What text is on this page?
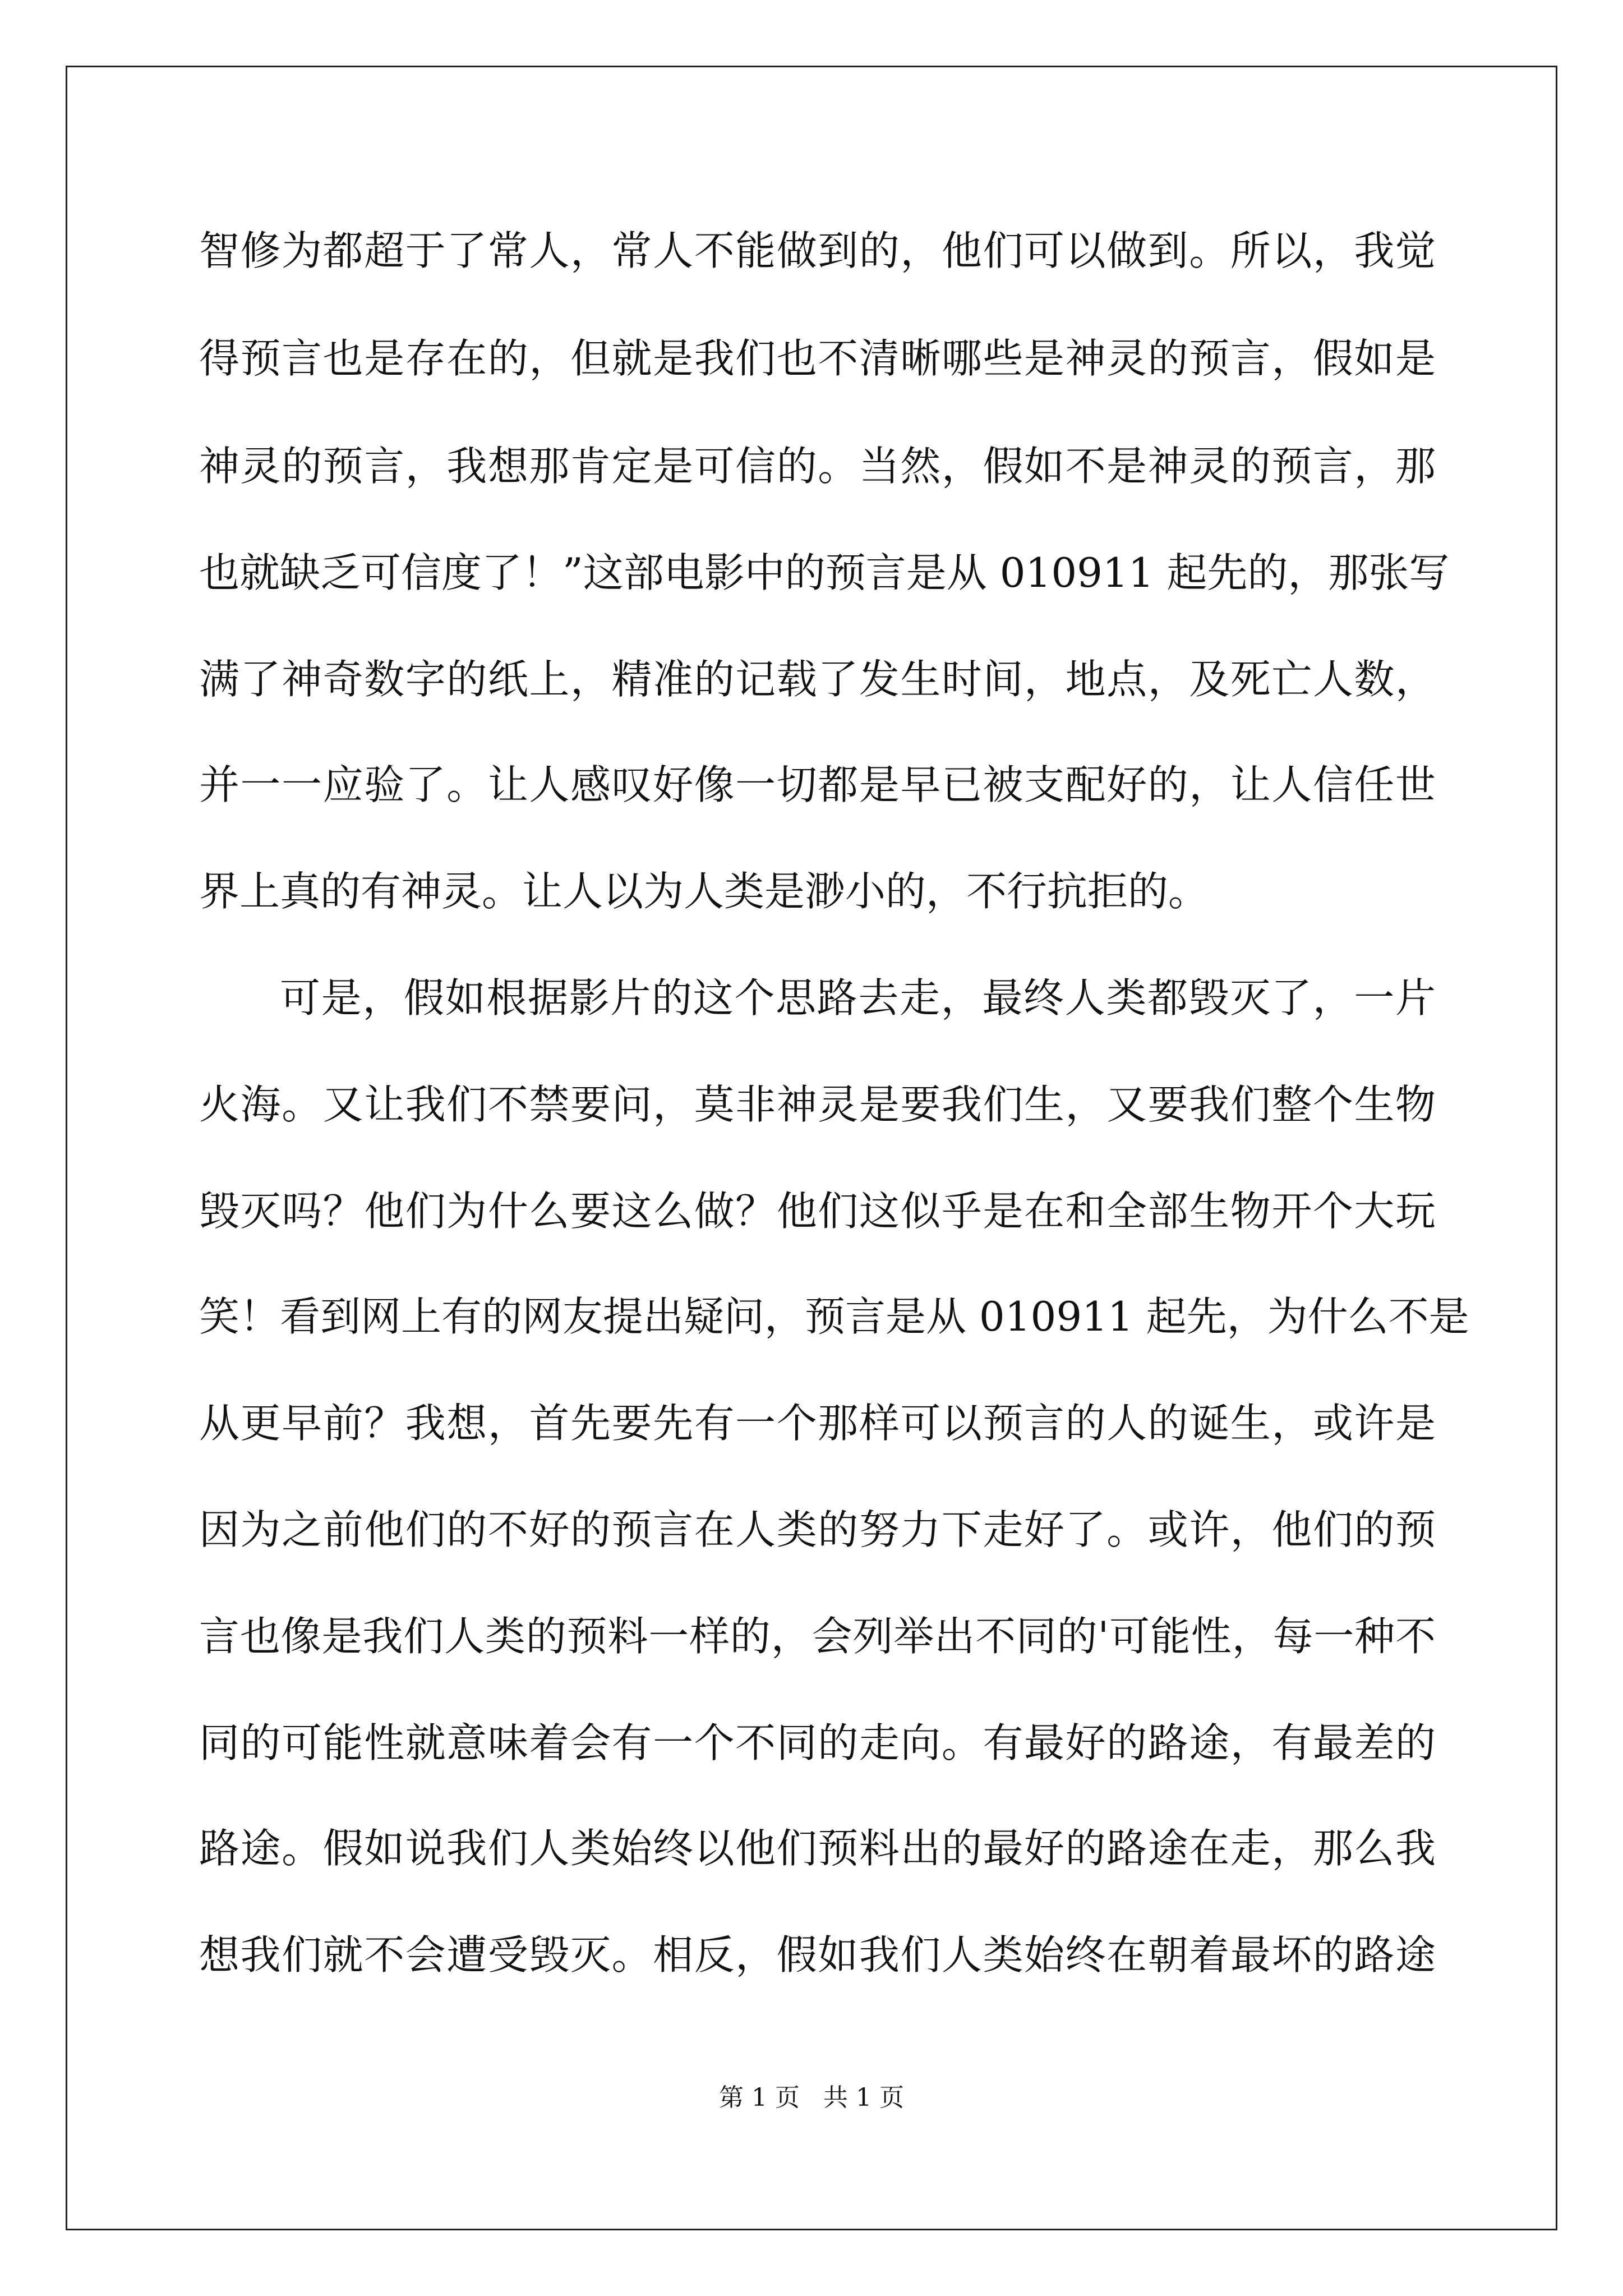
智修为都超于了常人，常人不能做到的，他们可以做到。所以，我觉
得预言也是存在的，但就是我们也不清晰哪些是神灵的预言，假如是
神灵的预言，我想那肯定是可信的。当然，假如不是神灵的预言，那
也就缺乏可信度了！”这部电影中的预言是从 010911 起先的，那张写
满了神奇数字的纸上，精准的记载了发生时间，地点，及死亡人数，
并一一应验了。让人感叹好像一切都是早已被支配好的，让人信任世
界上真的有神灵。让人以为人类是渺小的，不行抗拒的。
可是，假如根据影片的这个思路去走，最终人类都毁灭了，一片
火海。又让我们不禁要问，莫非神灵是要我们生，又要我们整个生物
毁灭吗？他们为什么要这么做？他们这似乎是在和全部生物开个大玩
笑！看到网上有的网友提出疑问，预言是从 010911 起先，为什么不是
从更早前？我想，首先要先有一个那样可以预言的人的诞生，或许是
因为之前他们的不好的预言在人类的努力下走好了。或许，他们的预
言也像是我们人类的预料一样的，会列举出不同的'可能性，每一种不
同的可能性就意味着会有一个不同的走向。有最好的路途，有最差的
路途。假如说我们人类始终以他们预料出的最好的路途在走，那么我
想我们就不会遭受毁灭。相反，假如我们人类始终在朝着最坏的路途
第 1 页   共 1 页
